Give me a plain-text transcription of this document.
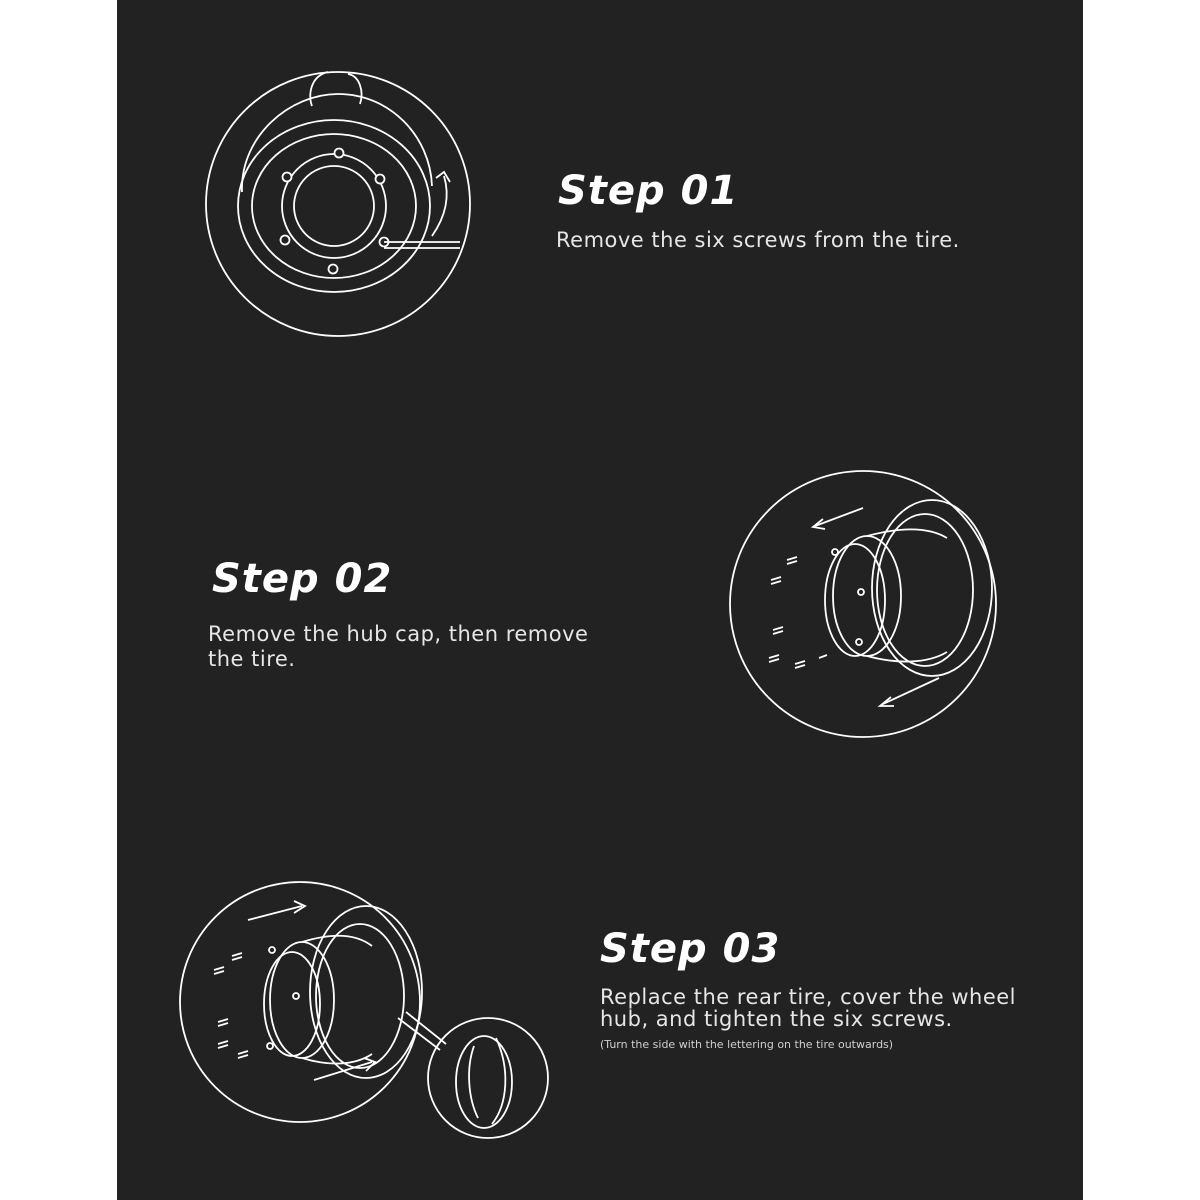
Step 01
Remove the six screws from the tire.
Step 02
Remove the hub cap, then remove the tire.
Step 03
Replace the rear tire, cover the wheel hub, and tighten the six screws.
(Turn the side with the lettering on the tire outwards)
